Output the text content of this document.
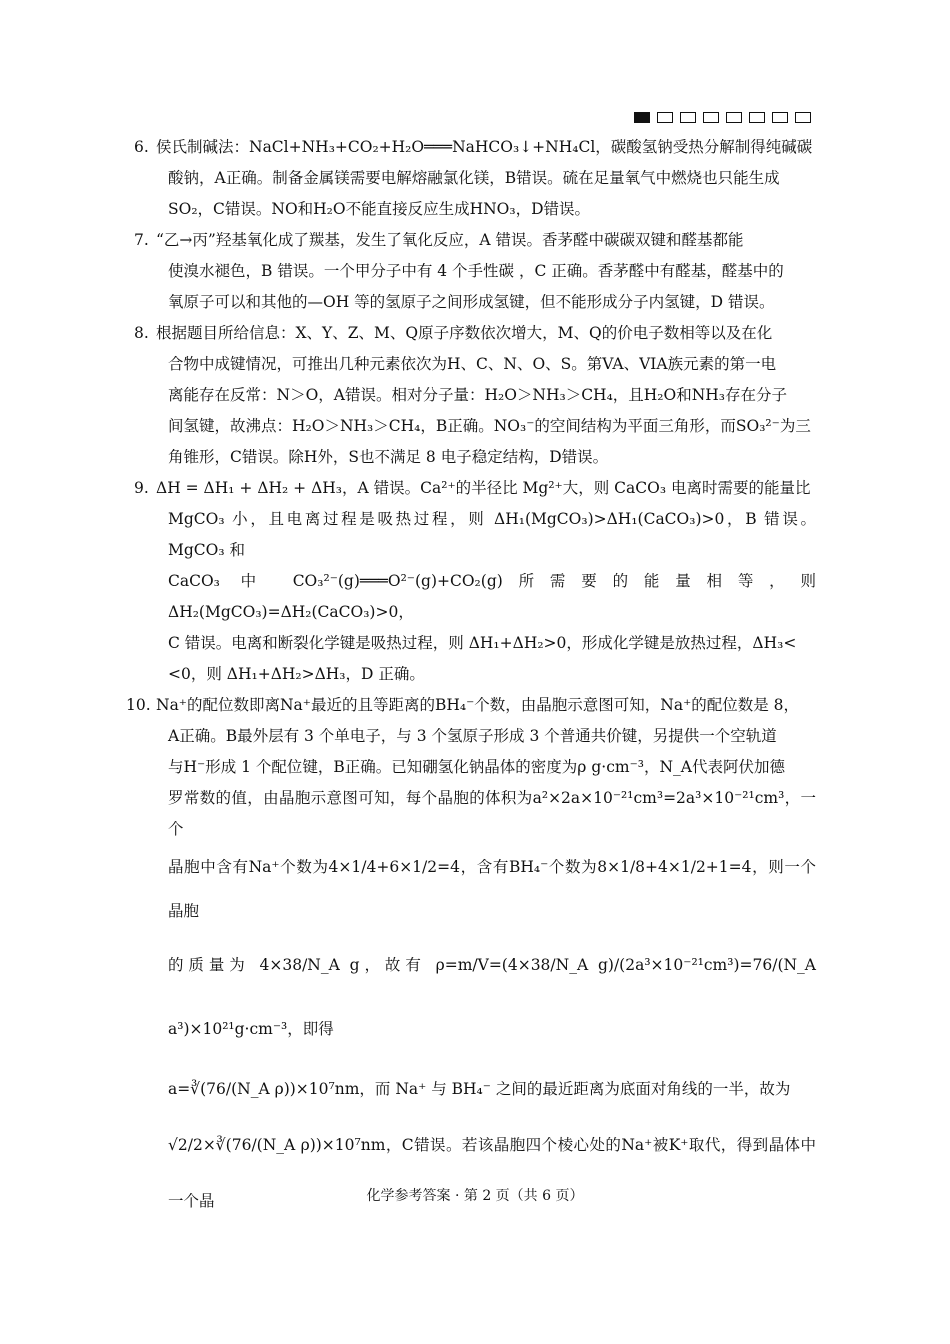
6. 侯氏制碱法：NaCl+NH₃+CO₂+H₂O═══NaHCO₃↓+NH₄Cl，碳酸氢钠受热分解制得纯碱碳

酸钠，A正确。制备金属镁需要电解熔融氯化镁，B错误。硫在足量氧气中燃烧也只能生成

SO₂，C错误。NO和H₂O不能直接反应生成HNO₃，D错误。

7. “乙→丙”羟基氧化成了羰基，发生了氧化反应，A 错误。香茅醛中碳碳双键和醛基都能

使溴水褪色，B 错误。一个甲分子中有 4 个手性碳 ，C 正确。香茅醛中有醛基，醛基中的

氧原子可以和其他的—OH 等的氢原子之间形成氢键，但不能形成分子内氢键，D 错误。

8. 根据题目所给信息：X、Y、Z、M、Q原子序数依次增大，M、Q的价电子数相等以及在化

合物中成键情况，可推出几种元素依次为H、C、N、O、S。第VA、VIA族元素的第一电

离能存在反常：N＞O，A错误。相对分子量：H₂O＞NH₃＞CH₄，且H₂O和NH₃存在分子

间氢键，故沸点：H₂O＞NH₃＞CH₄，B正确。NO₃⁻的空间结构为平面三角形，而SO₃²⁻为三

角锥形，C错误。除H外，S也不满足 8 电子稳定结构，D错误。

9. ΔH = ΔH₁ + ΔH₂ + ΔH₃，A 错误。Ca²⁺的半径比 Mg²⁺大，则 CaCO₃ 电离时需要的能量比

MgCO₃ 小，且电离过程是吸热过程，则 ΔH₁(MgCO₃)>ΔH₁(CaCO₃)>0，B 错误。MgCO₃ 和

CaCO₃ 中 CO₃²⁻(g)═══O²⁻(g)+CO₂(g)所需要的能量相等，则 ΔH₂(MgCO₃)=ΔH₂(CaCO₃)>0，

C 错误。电离和断裂化学键是吸热过程，则 ΔH₁+ΔH₂>0，形成化学键是放热过程，ΔH₃<

<0，则 ΔH₁+ΔH₂>ΔH₃，D 正确。

10. Na⁺的配位数即离Na⁺最近的且等距离的BH₄⁻个数，由晶胞示意图可知，Na⁺的配位数是 8，

A正确。B最外层有 3 个单电子，与 3 个氢原子形成 3 个普通共价键，另提供一个空轨道

与H⁻形成 1 个配位键，B正确。已知硼氢化钠晶体的密度为ρ g·cm⁻³，N_A代表阿伏加德

罗常数的值，由晶胞示意图可知，每个晶胞的体积为a²×2a×10⁻²¹cm³=2a³×10⁻²¹cm³，一个

晶胞中含有Na⁺个数为4×1/4+6×1/2=4，含有BH₄⁻个数为8×1/8+4×1/2+1=4，则一个晶胞

的质量为 4×38/N_A g，故有 ρ=m/V=(4×38/N_A g)/(2a³×10⁻²¹cm³)=76/(N_A a³)×10²¹g·cm⁻³，即得

a=∛(76/(N_A ρ))×10⁷nm，而 Na⁺ 与 BH₄⁻ 之间的最近距离为底面对角线的一半，故为

√2/2×∛(76/(N_A ρ))×10⁷nm，C错误。若该晶胞四个棱心处的Na⁺被K⁺取代，得到晶体中一个晶	化学参考答案 · 第 2 页（共 6 页）
